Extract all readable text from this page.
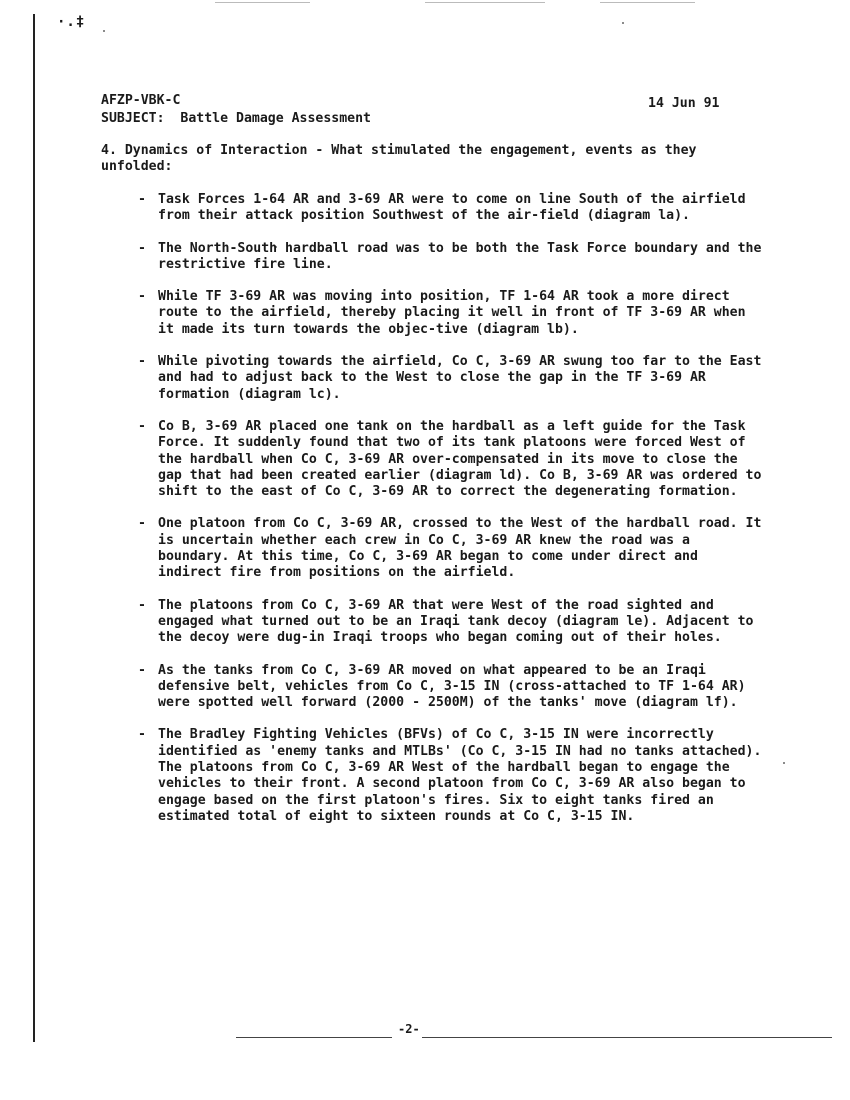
·.‡
AFZP-VBK-C	14 Jun 91
SUBJECT: Battle Damage Assessment

4. Dynamics of Interaction - What stimulated the engagement, events as they unfolded:

- Task Forces 1-64 AR and 3-69 AR were to come on line South of the airfield from their attack position Southwest of the air-field (diagram la).
- The North-South hardball road was to be both the Task Force boundary and the restrictive fire line.
- While TF 3-69 AR was moving into position, TF 1-64 AR took a more direct route to the airfield, thereby placing it well in front of TF 3-69 AR when it made its turn towards the objec-tive (diagram lb).
- While pivoting towards the airfield, Co C, 3-69 AR swung too far to the East and had to adjust back to the West to close the gap in the TF 3-69 AR formation (diagram lc).
- Co B, 3-69 AR placed one tank on the hardball as a left guide for the Task Force. It suddenly found that two of its tank platoons were forced West of the hardball when Co C, 3-69 AR over-compensated in its move to close the gap that had been created earlier (diagram ld). Co B, 3-69 AR was ordered to shift to the east of Co C, 3-69 AR to correct the degenerating formation.
- One platoon from Co C, 3-69 AR, crossed to the West of the hardball road. It is uncertain whether each crew in Co C, 3-69 AR knew the road was a boundary. At this time, Co C, 3-69 AR began to come under direct and indirect fire from positions on the airfield.
- The platoons from Co C, 3-69 AR that were West of the road sighted and engaged what turned out to be an Iraqi tank decoy (diagram le). Adjacent to the decoy were dug-in Iraqi troops who began coming out of their holes.
- As the tanks from Co C, 3-69 AR moved on what appeared to be an Iraqi defensive belt, vehicles from Co C, 3-15 IN (cross-attached to TF 1-64 AR) were spotted well forward (2000 - 2500M) of the tanks' move (diagram lf).
- The Bradley Fighting Vehicles (BFVs) of Co C, 3-15 IN were incorrectly identified as 'enemy tanks and MTLBs' (Co C, 3-15 IN had no tanks attached). The platoons from Co C, 3-69 AR West of the hardball began to engage the vehicles to their front. A second platoon from Co C, 3-69 AR also began to engage based on the first platoon's fires. Six to eight tanks fired an estimated total of eight to sixteen rounds at Co C, 3-15 IN.
-2-
